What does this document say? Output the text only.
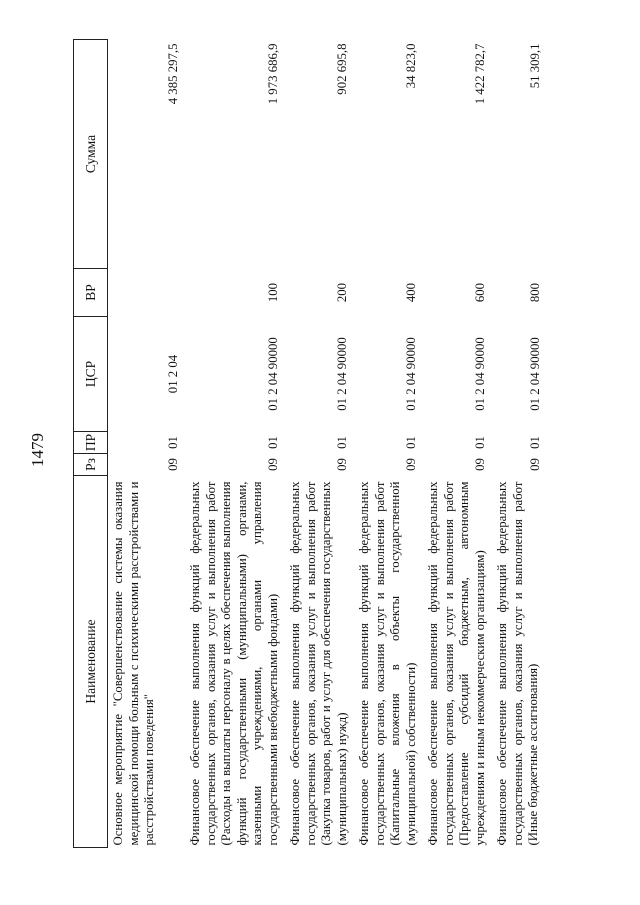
1479
Наименование	Рз	ПР	ЦСР	ВР	Сумма
Основное мероприятие "Совершенствование системы оказания медицинской помощи больным с психическими расстройствами и расстройствами поведения"	09	01	01 2 04		4 385 297,5
Финансовое обеспечение выполнения функций федеральных государственных органов, оказания услуг и выполнения работ (Расходы на выплаты персоналу в целях обеспечения выполнения функций государственными (муниципальными) органами, казенными учреждениями, органами управления государственными внебюджетными фондами)	09	01	01 2 04 90000	100	1 973 686,9
Финансовое обеспечение выполнения функций федеральных государственных органов, оказания услуг и выполнения работ (Закупка товаров, работ и услуг для обеспечения государственных (муниципальных) нужд)	09	01	01 2 04 90000	200	902 695,8
Финансовое обеспечение выполнения функций федеральных государственных органов, оказания услуг и выполнения работ (Капитальные вложения в объекты государственной (муниципальной) собственности)	09	01	01 2 04 90000	400	34 823,0
Финансовое обеспечение выполнения функций федеральных государственных органов, оказания услуг и выполнения работ (Предоставление субсидий бюджетным, автономным учреждениям и иным некоммерческим организациям)	09	01	01 2 04 90000	600	1 422 782,7
Финансовое обеспечение выполнения функций федеральных государственных органов, оказания услуг и выполнения работ (Иные бюджетные ассигнования)	09	01	01 2 04 90000	800	51 309,1
